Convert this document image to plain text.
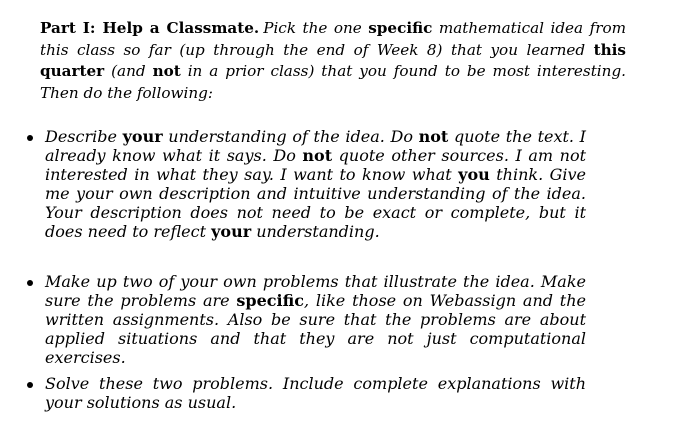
Part I: Help a Classmate. Pick the one specific mathematical idea from this class so far (up through the end of Week 8) that you learned this quarter (and not in a prior class) that you found to be most interesting. Then do the following:

Describe your understanding of the idea. Do not quote the text. I already know what it says. Do not quote other sources. I am not interested in what they say. I want to know what you think. Give me your own description and intuitive understanding of the idea. Your description does not need to be exact or complete, but it does need to reflect your understanding.

Make up two of your own problems that illustrate the idea. Make sure the problems are specific, like those on Webassign and the written assignments. Also be sure that the problems are about applied situations and that they are not just computational exercises.

Solve these two problems. Include complete explanations with your solutions as usual.
